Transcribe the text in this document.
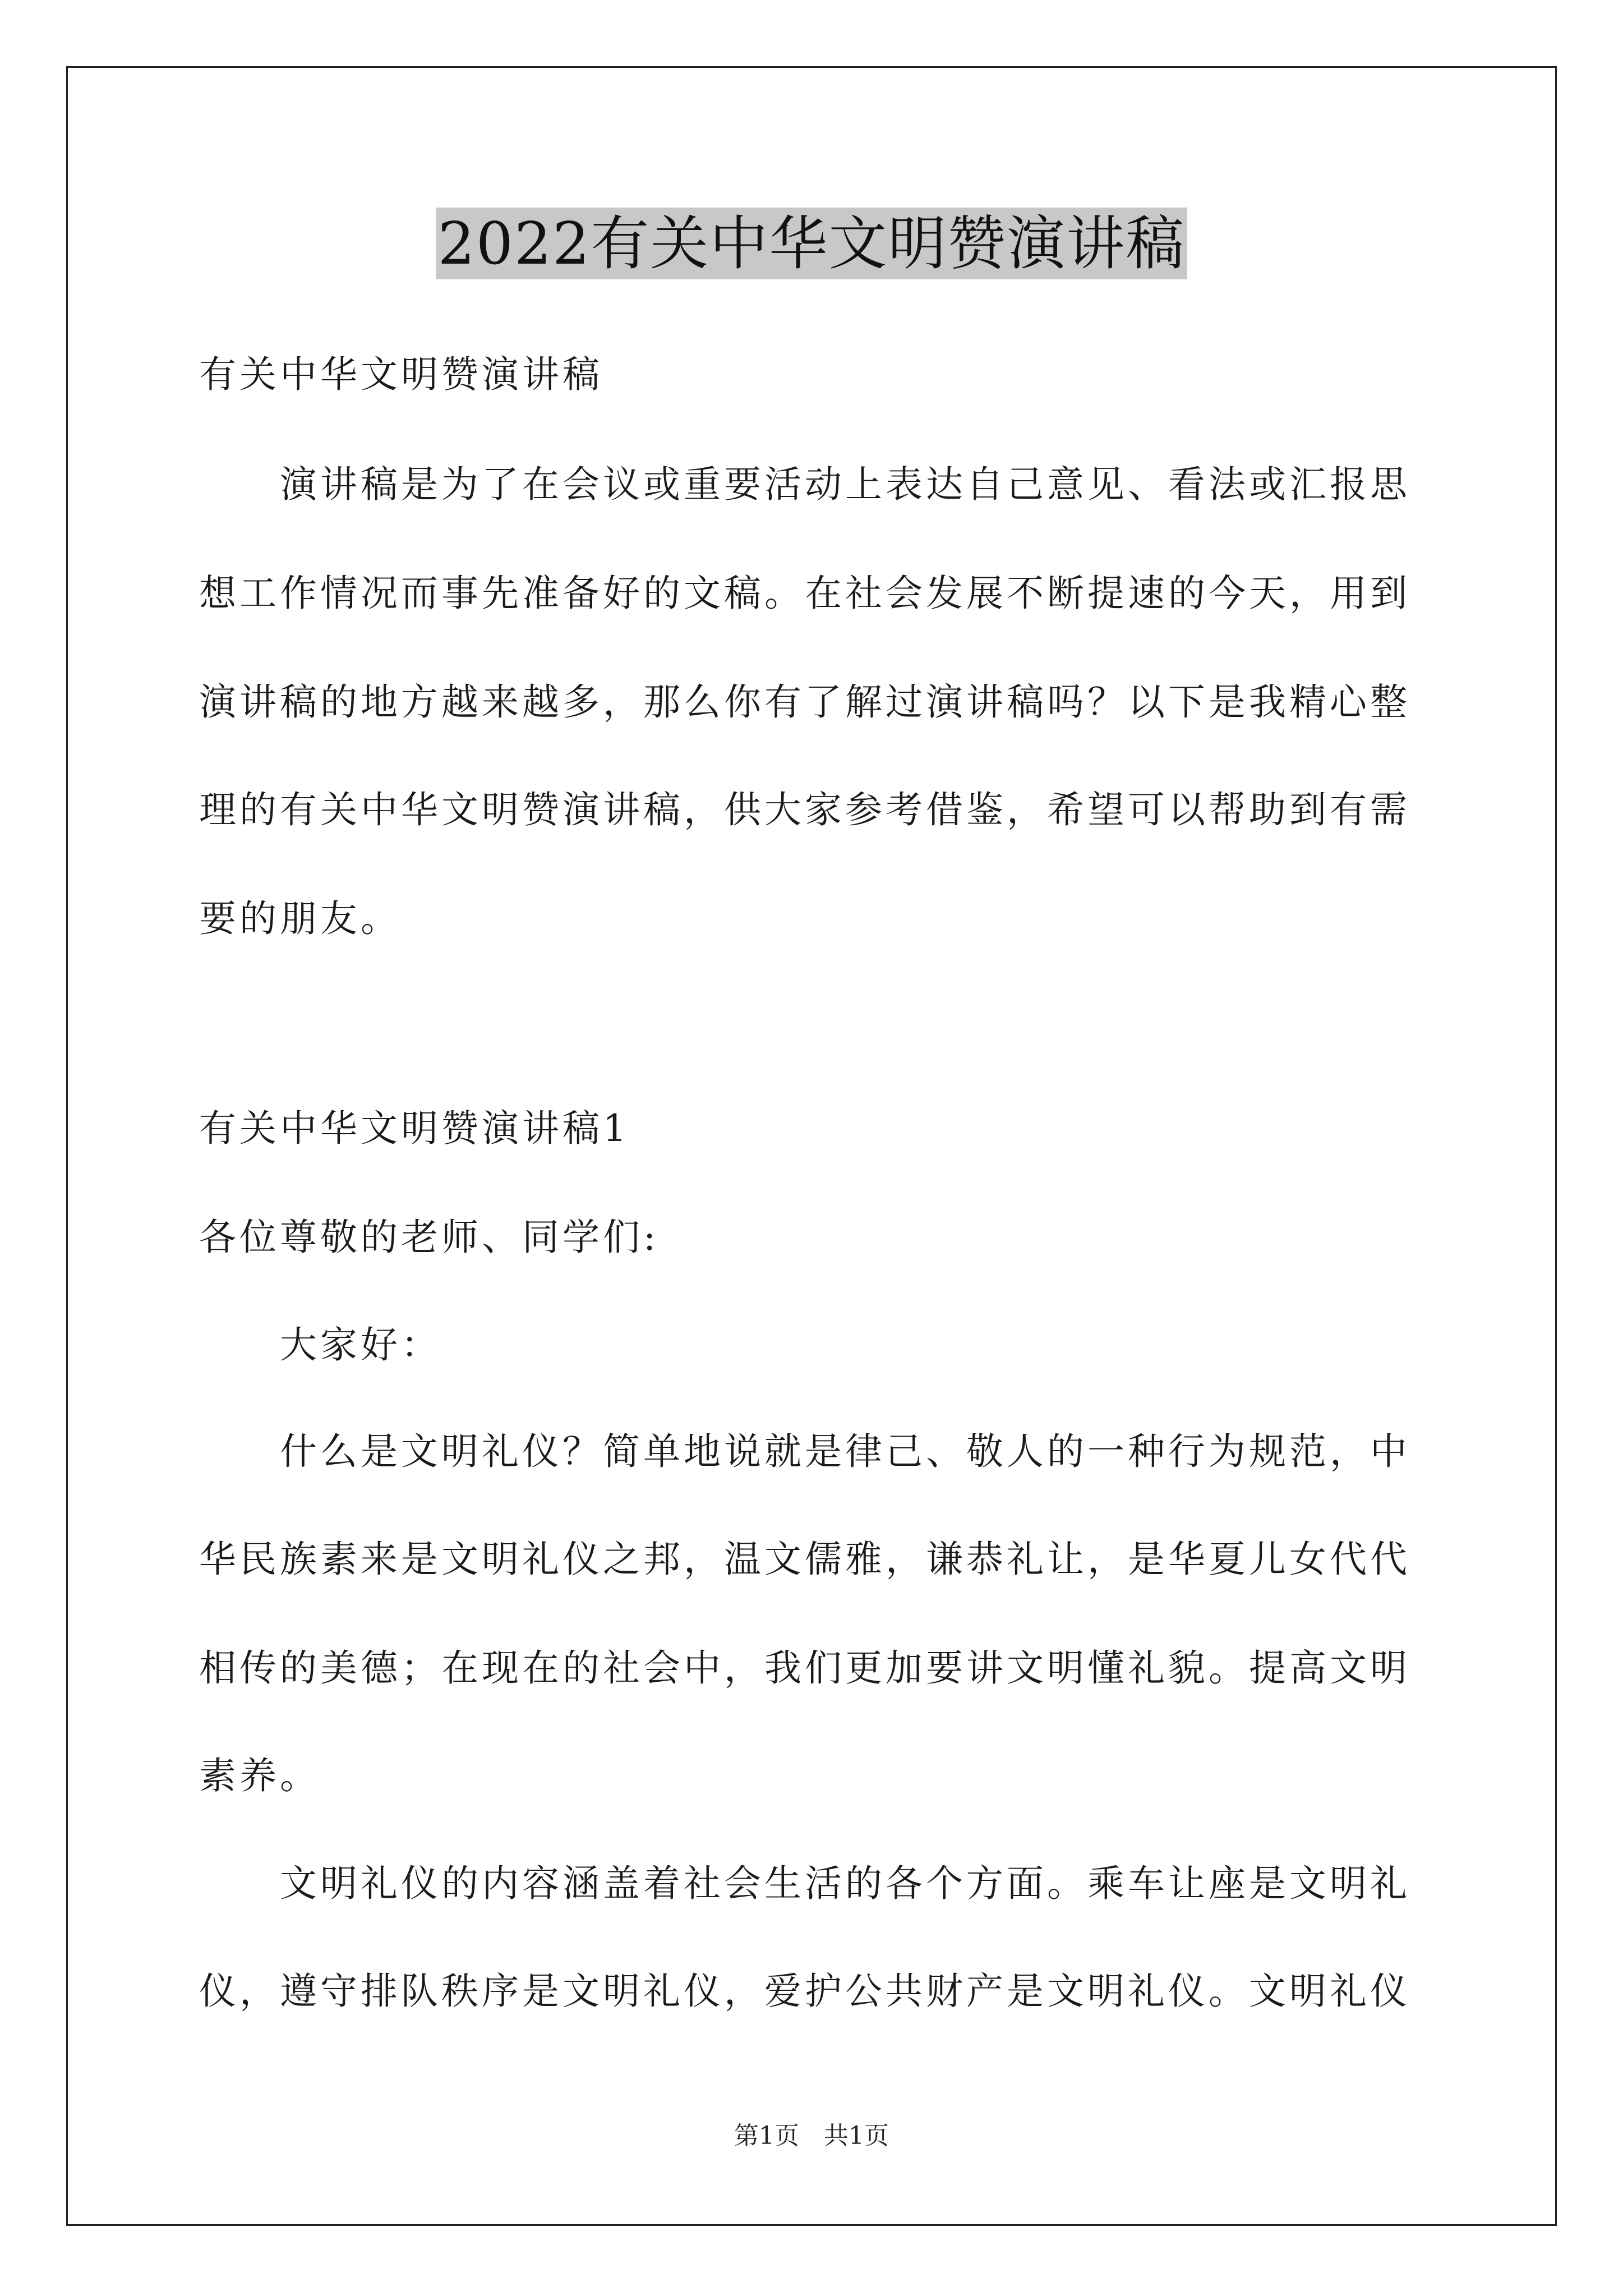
2022有关中华文明赞演讲稿
有关中华文明赞演讲稿
　　演讲稿是为了在会议或重要活动上表达自己意见、看法或汇报思
想工作情况而事先准备好的文稿。在社会发展不断提速的今天，用到
演讲稿的地方越来越多，那么你有了解过演讲稿吗？以下是我精心整
理的有关中华文明赞演讲稿，供大家参考借鉴，希望可以帮助到有需
要的朋友。
有关中华文明赞演讲稿1
各位尊敬的老师、同学们:
　　大家好：
　　什么是文明礼仪？简单地说就是律己、敬人的一种行为规范，中
华民族素来是文明礼仪之邦，温文儒雅，谦恭礼让，是华夏儿女代代
相传的美德；在现在的社会中，我们更加要讲文明懂礼貌。提高文明
素养。
　　文明礼仪的内容涵盖着社会生活的各个方面。乘车让座是文明礼
仪，遵守排队秩序是文明礼仪，爱护公共财产是文明礼仪。文明礼仪
第1页　共1页
